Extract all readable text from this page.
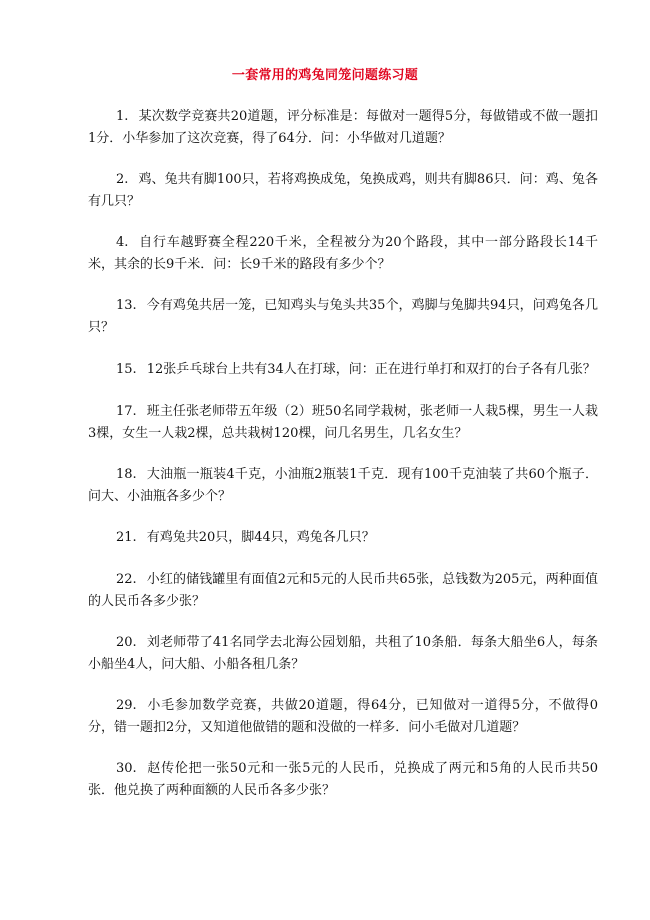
一套常用的鸡兔同笼问题练习题

1. 某次数学竞赛共20道题，评分标准是：每做对一题得5分，每做错或不做一题扣1分．小华参加了这次竞赛，得了64分．问：小华做对几道题？

2. 鸡、兔共有脚100只，若将鸡换成兔，兔换成鸡，则共有脚86只．问：鸡、兔各有几只？

4. 自行车越野赛全程220千米，全程被分为20个路段，其中一部分路段长14千米，其余的长9千米．问：长9千米的路段有多少个？

13. 今有鸡兔共居一笼，已知鸡头与兔头共35个，鸡脚与兔脚共94只，问鸡兔各几只？

15. 12张乒乓球台上共有34人在打球，问：正在进行单打和双打的台子各有几张？

17. 班主任张老师带五年级（2）班50名同学栽树，张老师一人栽5棵，男生一人栽3棵，女生一人栽2棵，总共栽树120棵，问几名男生，几名女生？

18. 大油瓶一瓶装4千克，小油瓶2瓶装1千克．现有100千克油装了共60个瓶子．问大、小油瓶各多少个？

21. 有鸡兔共20只，脚44只，鸡兔各几只？

22. 小红的储钱罐里有面值2元和5元的人民币共65张，总钱数为205元，两种面值的人民币各多少张？

20. 刘老师带了41名同学去北海公园划船，共租了10条船．每条大船坐6人，每条小船坐4人，问大船、小船各租几条？

29. 小毛参加数学竞赛，共做20道题，得64分，已知做对一道得5分，不做得0分，错一题扣2分，又知道他做错的题和没做的一样多．问小毛做对几道题？

30. 赵传伦把一张50元和一张5元的人民币，兑换成了两元和5角的人民币共50张．他兑换了两种面额的人民币各多少张？
